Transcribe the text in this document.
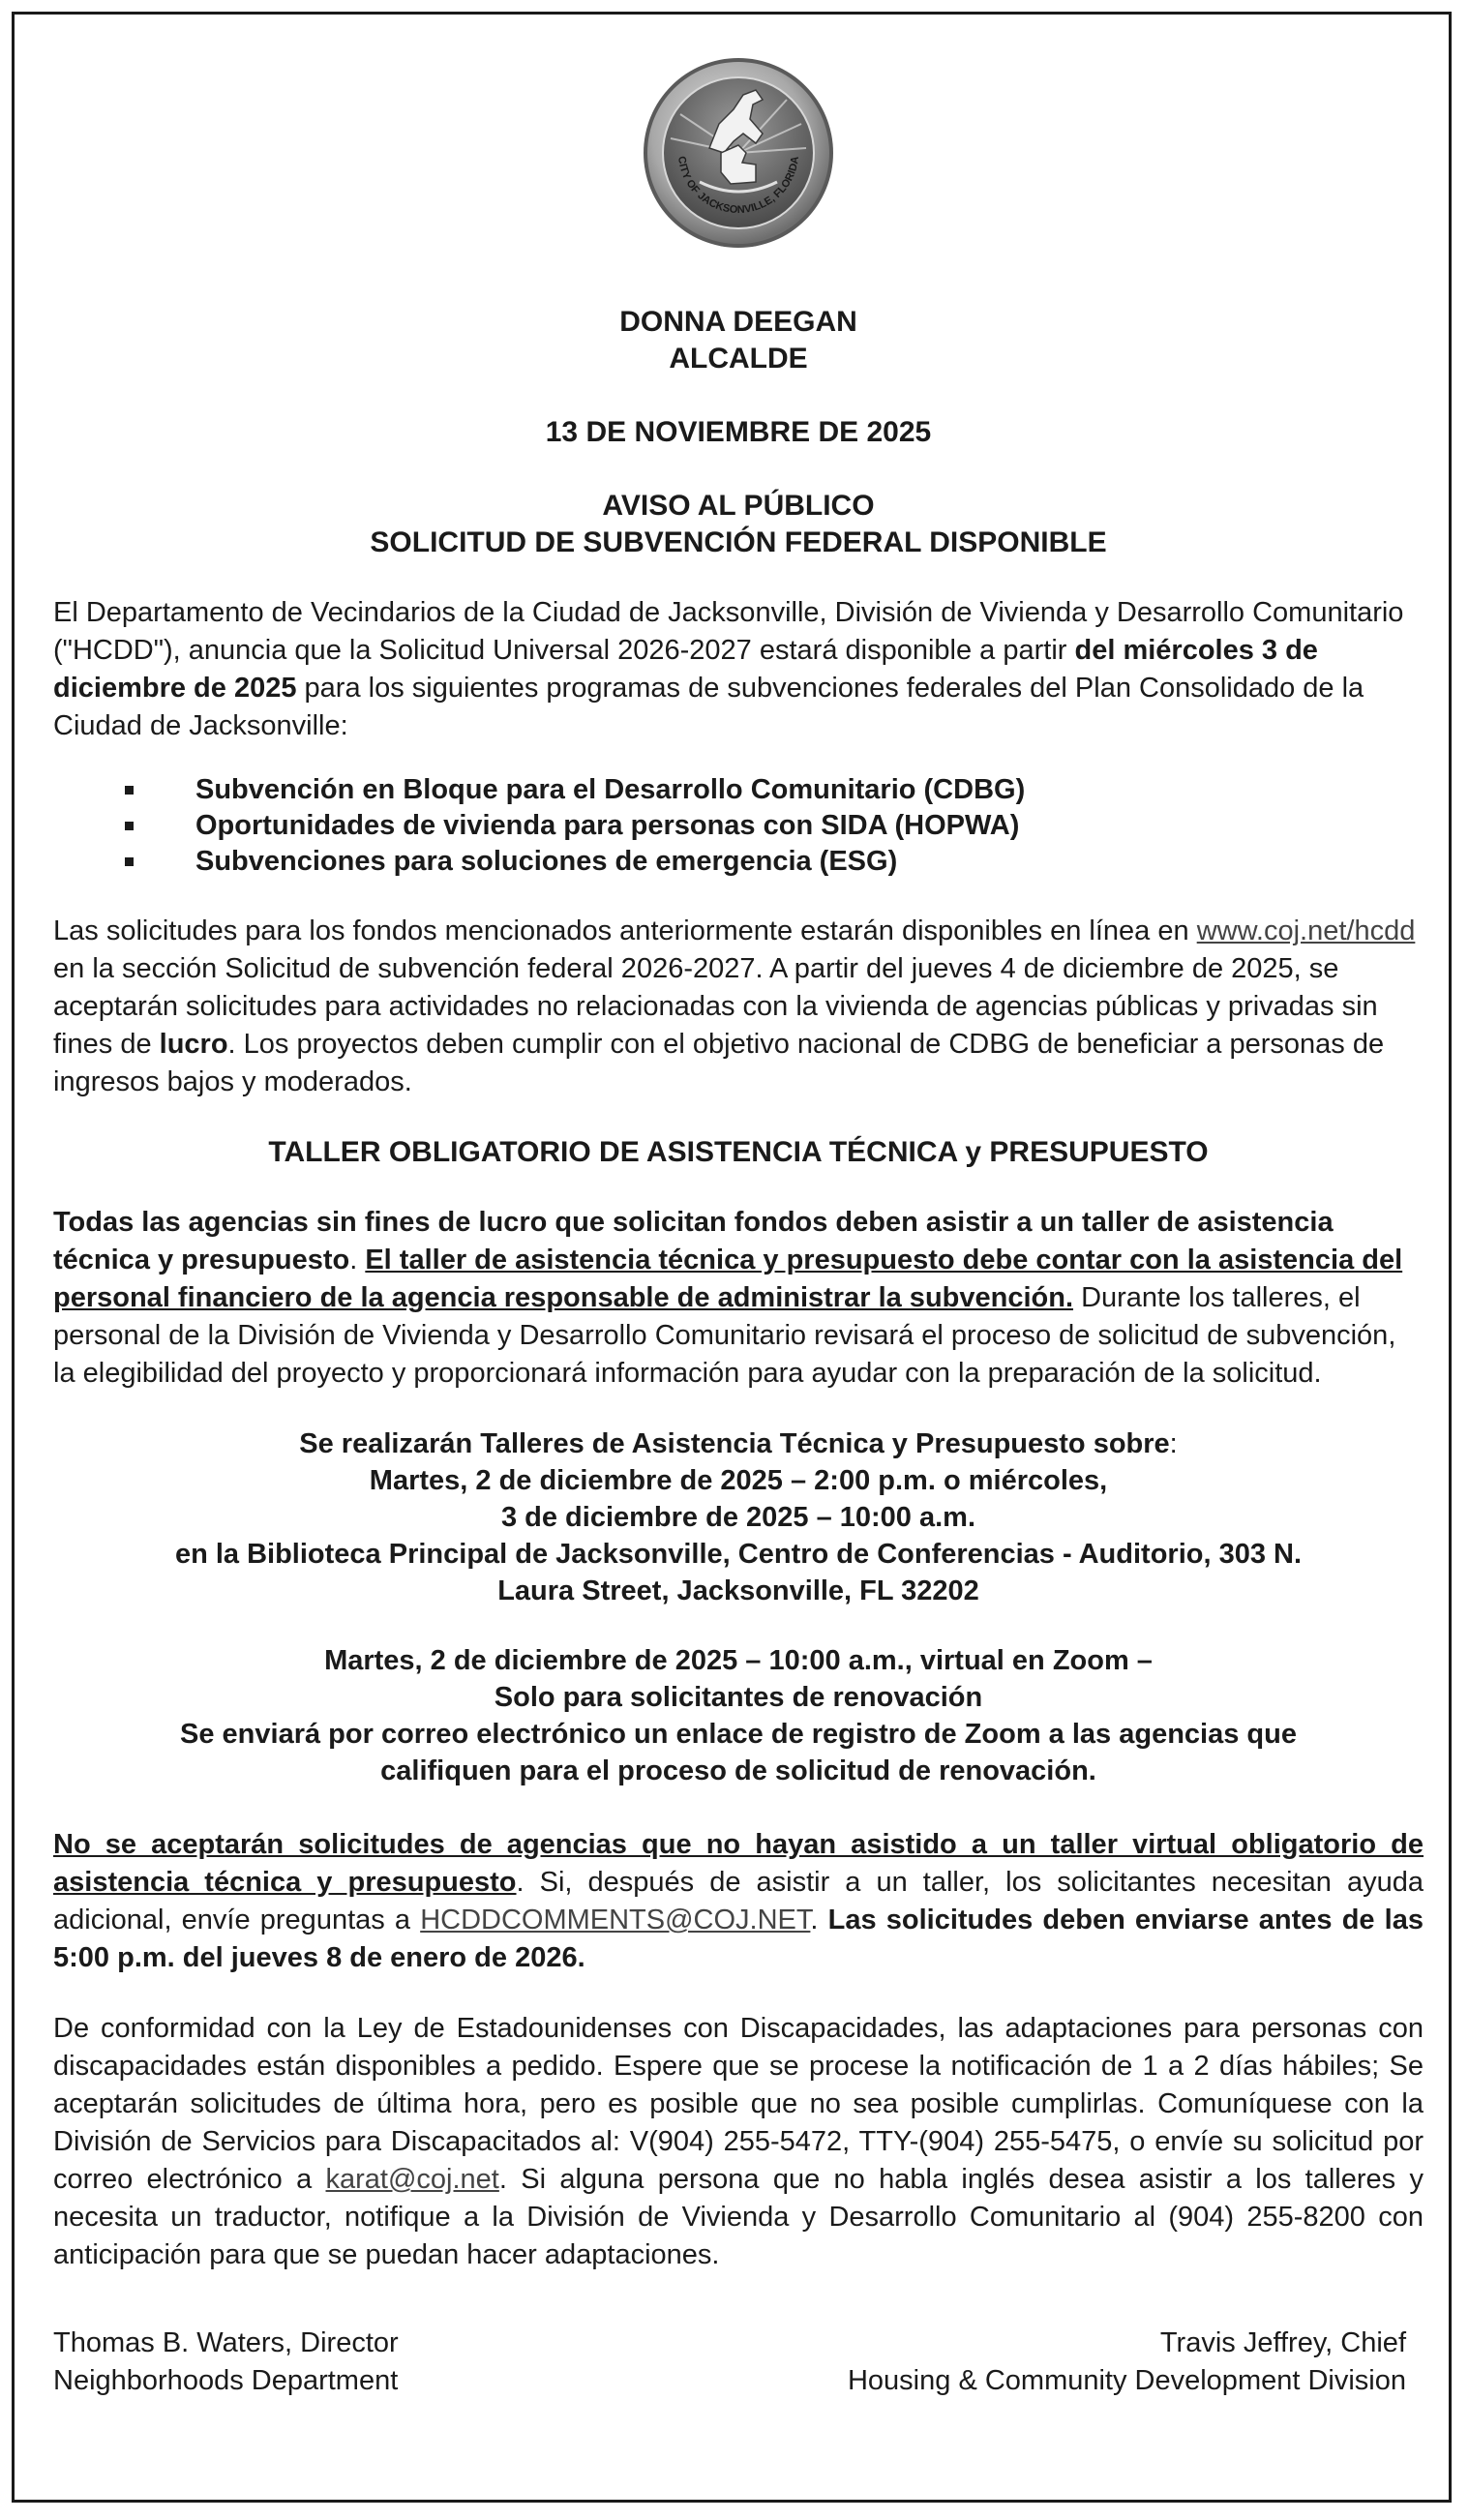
CITY OF JACKSONVILLE, FLORIDA
DONNA DEEGAN
ALCALDE
13 DE NOVIEMBRE DE 2025
AVISO AL PÚBLICO
SOLICITUD DE SUBVENCIÓN FEDERAL DISPONIBLE

El Departamento de Vecindarios de la Ciudad de Jacksonville, División de Vivienda y Desarrollo Comunitario ("HCDD"), anuncia que la Solicitud Universal 2026-2027 estará disponible a partir del miércoles 3 de diciembre de 2025 para los siguientes programas de subvenciones federales del Plan Consolidado de la Ciudad de Jacksonville:

Subvención en Bloque para el Desarrollo Comunitario (CDBG)
Oportunidades de vivienda para personas con SIDA (HOPWA)
Subvenciones para soluciones de emergencia (ESG)

Las solicitudes para los fondos mencionados anteriormente estarán disponibles en línea en www.coj.net/hcdd en la sección Solicitud de subvención federal 2026-2027. A partir del jueves 4 de diciembre de 2025, se aceptarán solicitudes para actividades no relacionadas con la vivienda de agencias públicas y privadas sin fines de lucro. Los proyectos deben cumplir con el objetivo nacional de CDBG de beneficiar a personas de ingresos bajos y moderados.

TALLER OBLIGATORIO DE ASISTENCIA TÉCNICA y PRESUPUESTO

Todas las agencias sin fines de lucro que solicitan fondos deben asistir a un taller de asistencia técnica y presupuesto. El taller de asistencia técnica y presupuesto debe contar con la asistencia del personal financiero de la agencia responsable de administrar la subvención. Durante los talleres, el personal de la División de Vivienda y Desarrollo Comunitario revisará el proceso de solicitud de subvención, la elegibilidad del proyecto y proporcionará información para ayudar con la preparación de la solicitud.

Se realizarán Talleres de Asistencia Técnica y Presupuesto sobre:
Martes, 2 de diciembre de 2025 – 2:00 p.m. o miércoles,
3 de diciembre de 2025 – 10:00 a.m.
en la Biblioteca Principal de Jacksonville, Centro de Conferencias - Auditorio, 303 N.
Laura Street, Jacksonville, FL 32202
Martes, 2 de diciembre de 2025 – 10:00 a.m., virtual en Zoom –
Solo para solicitantes de renovación
Se enviará por correo electrónico un enlace de registro de Zoom a las agencias que
califiquen para el proceso de solicitud de renovación.

No se aceptarán solicitudes de agencias que no hayan asistido a un taller virtual obligatorio de asistencia técnica y presupuesto. Si, después de asistir a un taller, los solicitantes necesitan ayuda adicional, envíe preguntas a HCDDCOMMENTS@COJ.NET. Las solicitudes deben enviarse antes de las 5:00 p.m. del jueves 8 de enero de 2026.

De conformidad con la Ley de Estadounidenses con Discapacidades, las adaptaciones para personas con discapacidades están disponibles a pedido. Espere que se procese la notificación de 1 a 2 días hábiles; Se aceptarán solicitudes de última hora, pero es posible que no sea posible cumplirlas. Comuníquese con la División de Servicios para Discapacitados al: V(904) 255-5472, TTY-(904) 255-5475, o envíe su solicitud por correo electrónico a karat@coj.net. Si alguna persona que no habla inglés desea asistir a los talleres y necesita un traductor, notifique a la División de Vivienda y Desarrollo Comunitario al (904) 255-8200 con anticipación para que se puedan hacer adaptaciones.

Thomas B. Waters, Director
Neighborhoods Department
Travis Jeffrey, Chief
Housing & Community Development Division
